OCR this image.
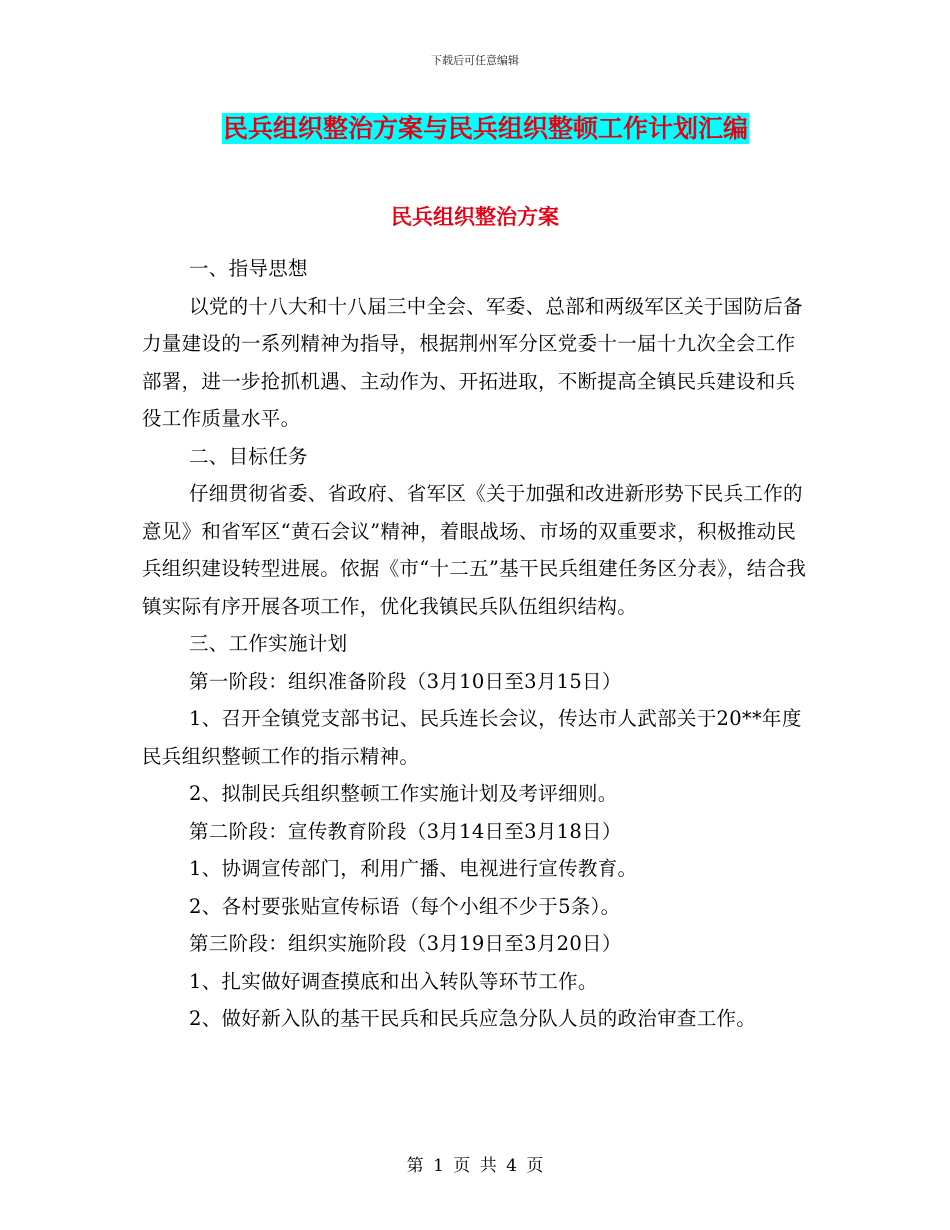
下载后可任意编辑
民兵组织整治方案与民兵组织整顿工作计划汇编
民兵组织整治方案

一、指导思想

以党的十八大和十八届三中全会、军委、总部和两级军区关于国防后备力量建设的一系列精神为指导，根据荆州军分区党委十一届十九次全会工作部署，进一步抢抓机遇、主动作为、开拓进取，不断提高全镇民兵建设和兵役工作质量水平。

二、目标任务

仔细贯彻省委、省政府、省军区《关于加强和改进新形势下民兵工作的意见》和省军区“黄石会议”精神，着眼战场、市场的双重要求，积极推动民兵组织建设转型进展。依据《市“十二五”基干民兵组建任务区分表》，结合我镇实际有序开展各项工作，优化我镇民兵队伍组织结构。

三、工作实施计划

第一阶段：组织准备阶段（3月10日至3月15日）

1、召开全镇党支部书记、民兵连长会议，传达市人武部关于20**年度民兵组织整顿工作的指示精神。

2、拟制民兵组织整顿工作实施计划及考评细则。

第二阶段：宣传教育阶段（3月14日至3月18日）

1、协调宣传部门，利用广播、电视进行宣传教育。

2、各村要张贴宣传标语（每个小组不少于5条）。

第三阶段：组织实施阶段（3月19日至3月20日）

1、扎实做好调查摸底和出入转队等环节工作。

2、做好新入队的基干民兵和民兵应急分队人员的政治审查工作。

第 1 页 共 4 页
